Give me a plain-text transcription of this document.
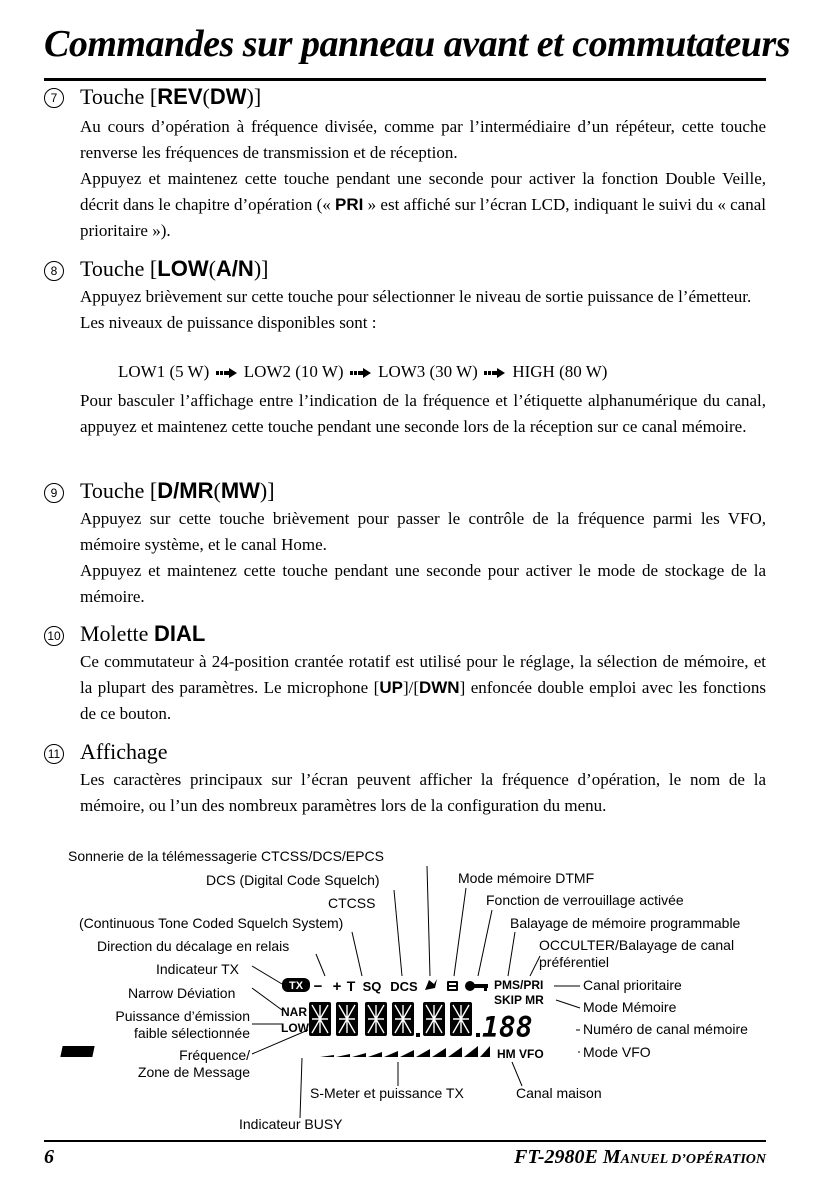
Commandes sur panneau avant et commutateurs
7	Touche [REV(DW)]

Au cours d’opération à fréquence divisée, comme par l’intermédiaire d’un répéteur, cette touche renverse les fréquences de transmission et de réception.

Appuyez et maintenez cette touche pendant une seconde pour activer la fonction Double Veille, décrit dans le chapitre d’opération (« PRI » est affiché sur l’écran LCD, indiquant le suivi du « canal prioritaire »).

8	Touche [LOW(A/N)]

Appuyez brièvement sur cette touche pour sélectionner le niveau de sortie puissance de l’émetteur.

Les niveaux de puissance disponibles sont :

LOW1 (5 W) LOW2 (10 W) LOW3 (30 W) HIGH (80 W)

Pour basculer l’affichage entre l’indication de la fréquence et l’étiquette alphanumérique du canal, appuyez et maintenez cette touche pendant une seconde lors de la réception sur ce canal mémoire.

9	Touche [D/MR(MW)]

Appuyez sur cette touche brièvement pour passer le contrôle de la fréquence parmi les VFO, mémoire système, et le canal Home.

Appuyez et maintenez cette touche pendant une seconde pour activer le mode de stockage de la mémoire.

10 Molette DIAL

Ce commutateur à 24-position crantée rotatif est utilisé pour le réglage, la sélection de mémoire, et la plupart des paramètres. Le microphone [UP]/[DWN] enfoncée double emploi avec les fonctions de ce bouton.

11 Affichage

Les caractères principaux sur l’écran peuvent afficher la fréquence d’opération, le nom de la mémoire, ou l’un des nombreux paramètres lors de la configuration du menu.

TX − + T SQ DCS	PMS/PRI
SKIP MR
NAR
LOW	188
BUSY	HM VFO
Sonnerie de la télémessagerie CTCSS/DCS/EPCS
DCS (Digital Code Squelch)
CTCSS
(Continuous Tone Coded Squelch System)
Direction du décalage en relais
Indicateur TX
Narrow Déviation
Puissance d’émission
faible sélectionnée
Fréquence/
Zone de Message
Mode mémoire DTMF
Fonction de verrouillage activée
Balayage de mémoire programmable
OCCULTER/Balayage de canal
préférentiel
Canal prioritaire
Mode Mémoire
Numéro de canal mémoire
Mode VFO
S-Meter et puissance TX	Canal maison
Indicateur BUSY
6	FT-2980E MANUEL D’OPÉRATION
